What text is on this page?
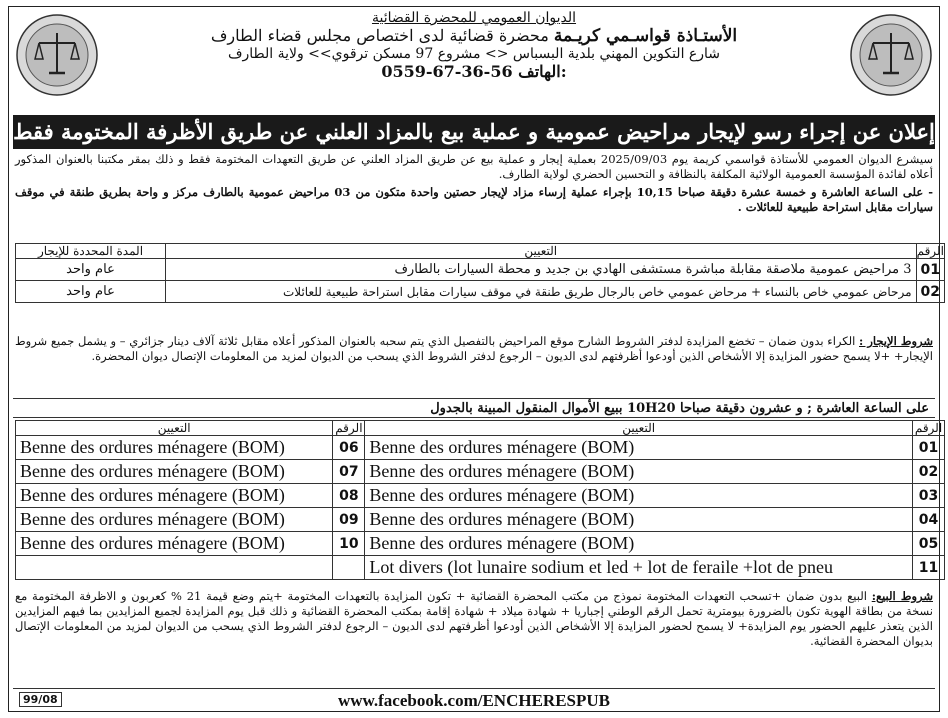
الديوان العمومي للمحضرة القضائية
الأستـاذة قواسـمي كريـمة محضرة قضائية لدى اختصاص مجلس قضاء الطارف
شارع التكوين المهني بلدية البسباس <> مشروع 97 مسكن ترقوي>> ولاية الطارف
0559-67-36-56 الهاتف:
إعلان عن إجراء رسو لإيجار مراحيض عمومية و عملية بيع بالمزاد العلني عن طريق الأظرفة المختومة فقط
سيشرع الديوان العمومي للأستاذة قواسمي كريمة يوم 2025/09/03 بعملية إيجار و عملية بيع عن طريق المزاد العلني عن طريق التعهدات المختومة فقط و ذلك بمقر مكتبنا بالعنوان المذكور أعلاه لفائدة المؤسسة العمومية الولائية المكلفة بالنظافة و التحسين الحضري لولاية الطارف.
- على الساعة العاشرة و خمسة عشرة دقيقة صباحا 10,15 بإجراء عملية إرساء مزاد لإيجار حصتين واحدة متكون من 03 مراحيض عمومية بالطارف مركز و واحة بطريق طنقة في موقف سيارات مقابل استراحة طبيعية للعائلات .
الرقم	التعيين	المدة المحددة للإيجار
01	3 مراحيض عمومية ملاصقة مقابلة مباشرة مستشفى الهادي بن جديد و محطة السيارات بالطارف	عام واحد
02	مرحاض عمومي خاص بالنساء + مرحاض عمومي خاص بالرجال طريق طنقة في موقف سيارات مقابل استراحة طبيعية للعائلات	عام واحد
شروط الإيجار : الكراء بدون ضمان – تخضع المزايدة لدفتر الشروط الشارح موقع المراحيض بالتفصيل الذي يتم سحبه بالعنوان المذكور أعلاه مقابل ثلاثة آلاف دينار جزائري – و يشمل جميع شروط الإيجار+ +لا يسمح حضور المزايدة إلا الأشخاص الذين أودعوا أظرفتهم لدى الديون – الرجوع لدفتر الشروط الذي يسحب من الديوان لمزيد من المعلومات الإتصال ديوان المحضرة.
على الساعة العاشرة ; و عشرون دقيقة صباحا 10H20 ببيع الأموال المنقول المبينة بالجدول
الرقم	التعيين	الرقم	التعيين
01	Benne des ordures ménagere (BOM)	06	Benne des ordures ménagere (BOM)
02	Benne des ordures ménagere (BOM)	07	Benne des ordures ménagere (BOM)
03	Benne des ordures ménagere (BOM)	08	Benne des ordures ménagere (BOM)
04	Benne des ordures ménagere (BOM)	09	Benne des ordures ménagere (BOM)
05	Benne des ordures ménagere (BOM)	10	Benne des ordures ménagere (BOM)
11	Lot divers (lot lunaire sodium et led + lot de feraile +lot de pneu		
شروط البيع: البيع بدون ضمان +تسحب التعهدات المختومة نموذج من مكتب المحضرة القضائية + تكون المزايدة بالتعهدات المختومة +يتم وضع قيمة 21 % كعربون و الاظرفة المختومة مع نسخة من بطاقة الهوية تكون بالضرورة بيومترية تحمل الرقم الوطني إجباريا + شهادة ميلاد + شهادة إقامة بمكتب المحضرة القضائية و ذلك قبل يوم المزايدة لجميع المزايدين بما فيهم المزايدين الذين يتعذر عليهم الحضور يوم المزايدة+ لا يسمح لحضور المزايدة إلا الأشخاص الذين أودعوا أظرفتهم لدى الديون – الرجوع لدفتر الشروط الذي يسحب من الديوان لمزيد من المعلومات الإتصال بديوان المحضرة القضائية.
99/08	www.facebook.com/ENCHERESPUB
